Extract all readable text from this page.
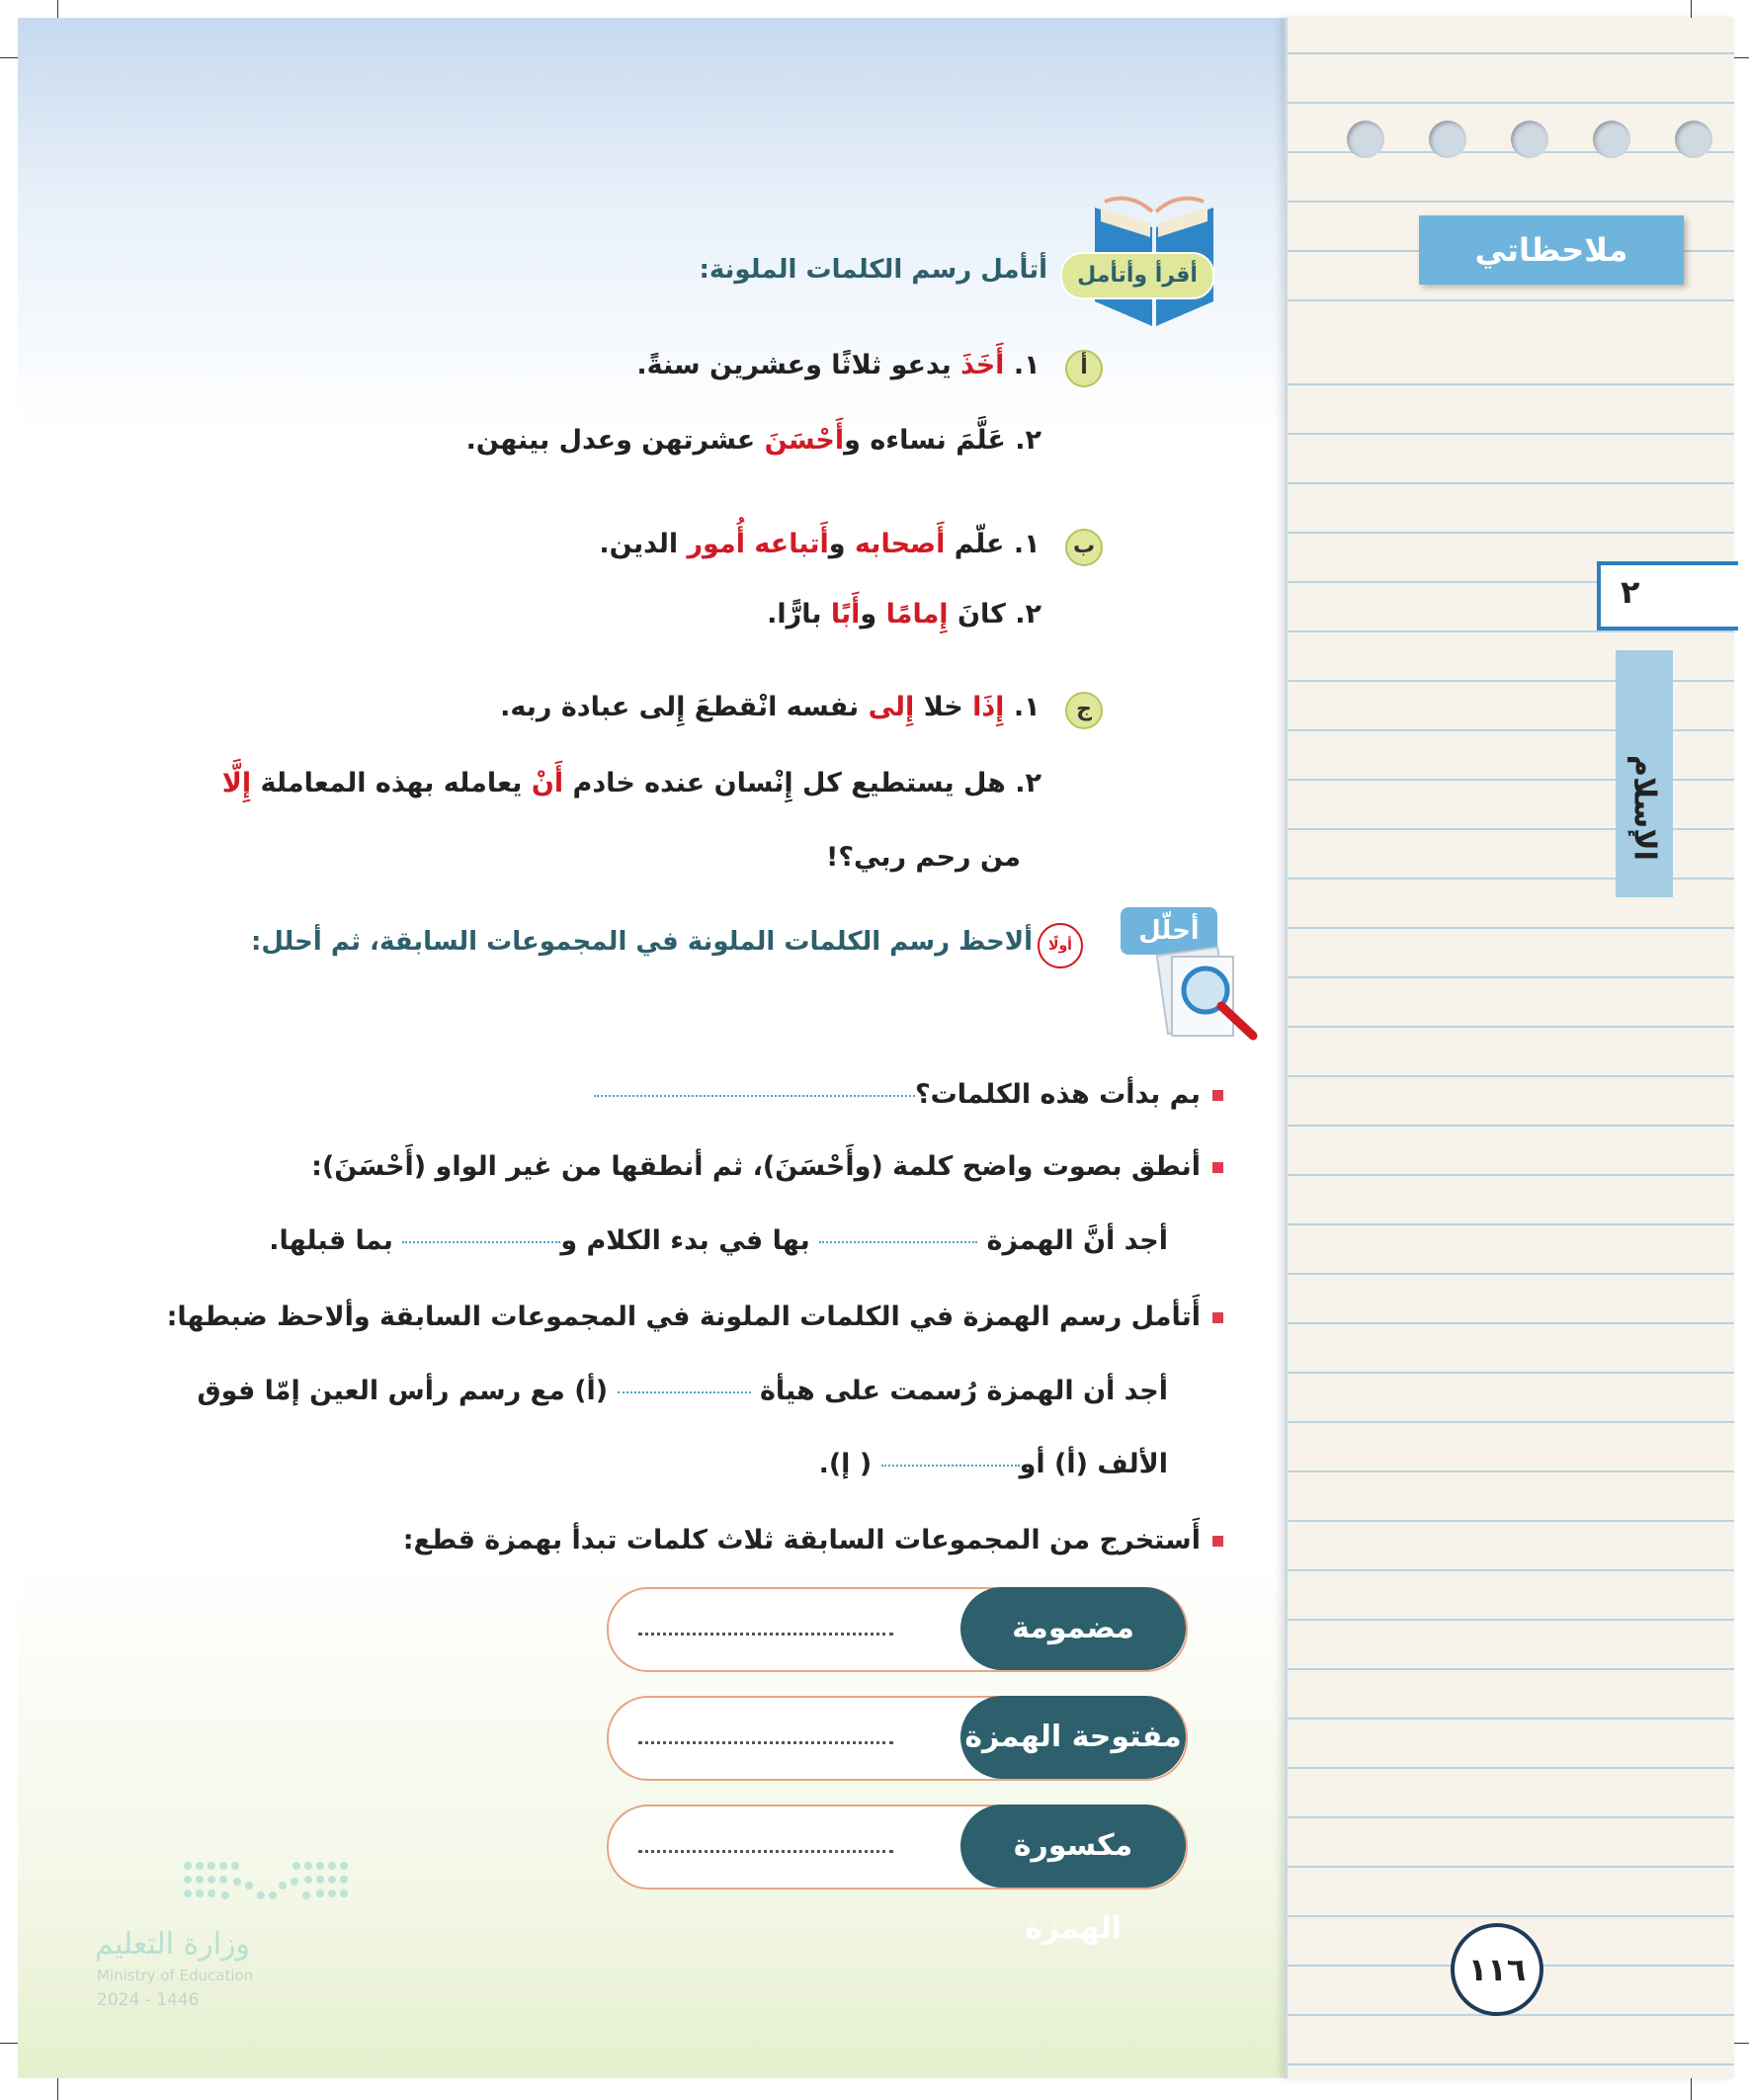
ملاحظاتي
٢
الإسلام
١١٦
أقرأ وأتأمل
أتأمل رسم الكلمات الملونة:
أ ١. أَخَذَ يدعو ثلاثًا وعشرين سنةً.
٢. عَلَّمَ نساءه وأَحْسَنَ عشرتهن وعدل بينهن.
ب ١. علّم أَصحابه وأَتباعه أُمور الدين.
٢. كانَ إِمامًا وأَبًا بارًّا.
ج ١. إِذَا خلا إِلى نفسه انْقطعَ إِلى عبادة ربه.
٢. هل يستطيع كل إِنْسان عنده خادم أَنْ يعامله بهذه المعاملة إِلَّا
من رحم ربي؟!
أحلّل
أولًا
ألاحظ رسم الكلمات الملونة في المجموعات السابقة، ثم أحلل:
بم بدأت هذه الكلمات؟
أنطق بصوت واضح كلمة (وأَحْسَنَ)، ثم أنطقها من غير الواو (أَحْسَنَ):
أجد أنَّ الهمزة  بها في بدء الكلام و بما قبلها.
أَتأمل رسم الهمزة في الكلمات الملونة في المجموعات السابقة وألاحظ ضبطها:
أجد أن الهمزة رُسمت على هيأة  (أ) مع رسم رأس العين إمّا فوق
الألف (أ) أو ( إ).
أَستخرج من المجموعات السابقة ثلاث كلمات تبدأ بهمزة قطع:
مضمومة
مفتوحة الهمزة
مكسورة الهمزة
وزارة التعليم
Ministry of Education
2024 - 1446
